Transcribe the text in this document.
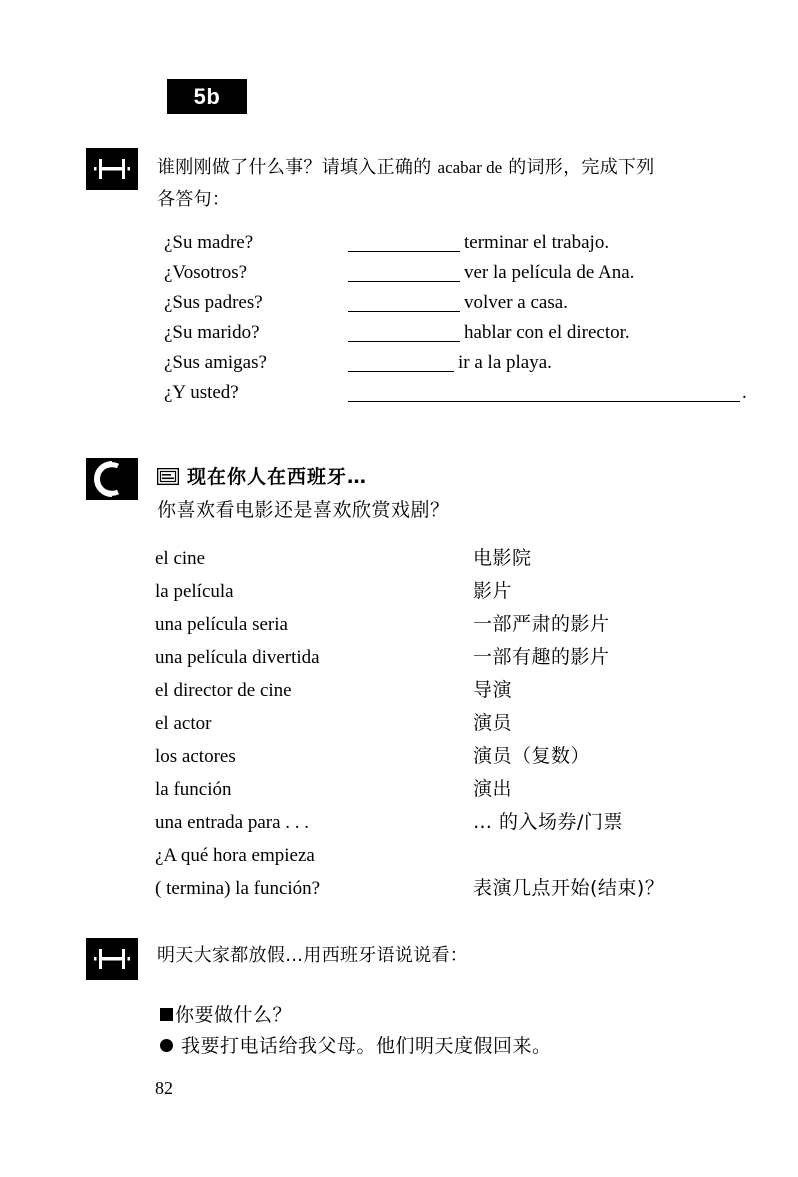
5b
谁刚刚做了什么事？请填入正确的 acabar de 的词形，完成下列
各答句：
¿Su madre?	terminar el trabajo.
¿Vosotros?	ver la película de Ana.
¿Sus padres?	volver a casa.
¿Su marido?	hablar con el director.
¿Sus amigas?	ir a la playa.
¿Y usted?	.
现在你人在西班牙…
你喜欢看电影还是喜欢欣赏戏剧？
el cine	电影院
la película	影片
una película seria	一部严肃的影片
una película divertida	一部有趣的影片
el director de cine	导演
el actor	演员
los actores	演员（复数）
la función	演出
una entrada para . . .	… 的入场券/门票
¿A qué hora empieza
( termina) la función?	表演几点开始(结束)？
明天大家都放假…用西班牙语说说看：
你要做什么？
我要打电话给我父母。他们明天度假回来。
82
